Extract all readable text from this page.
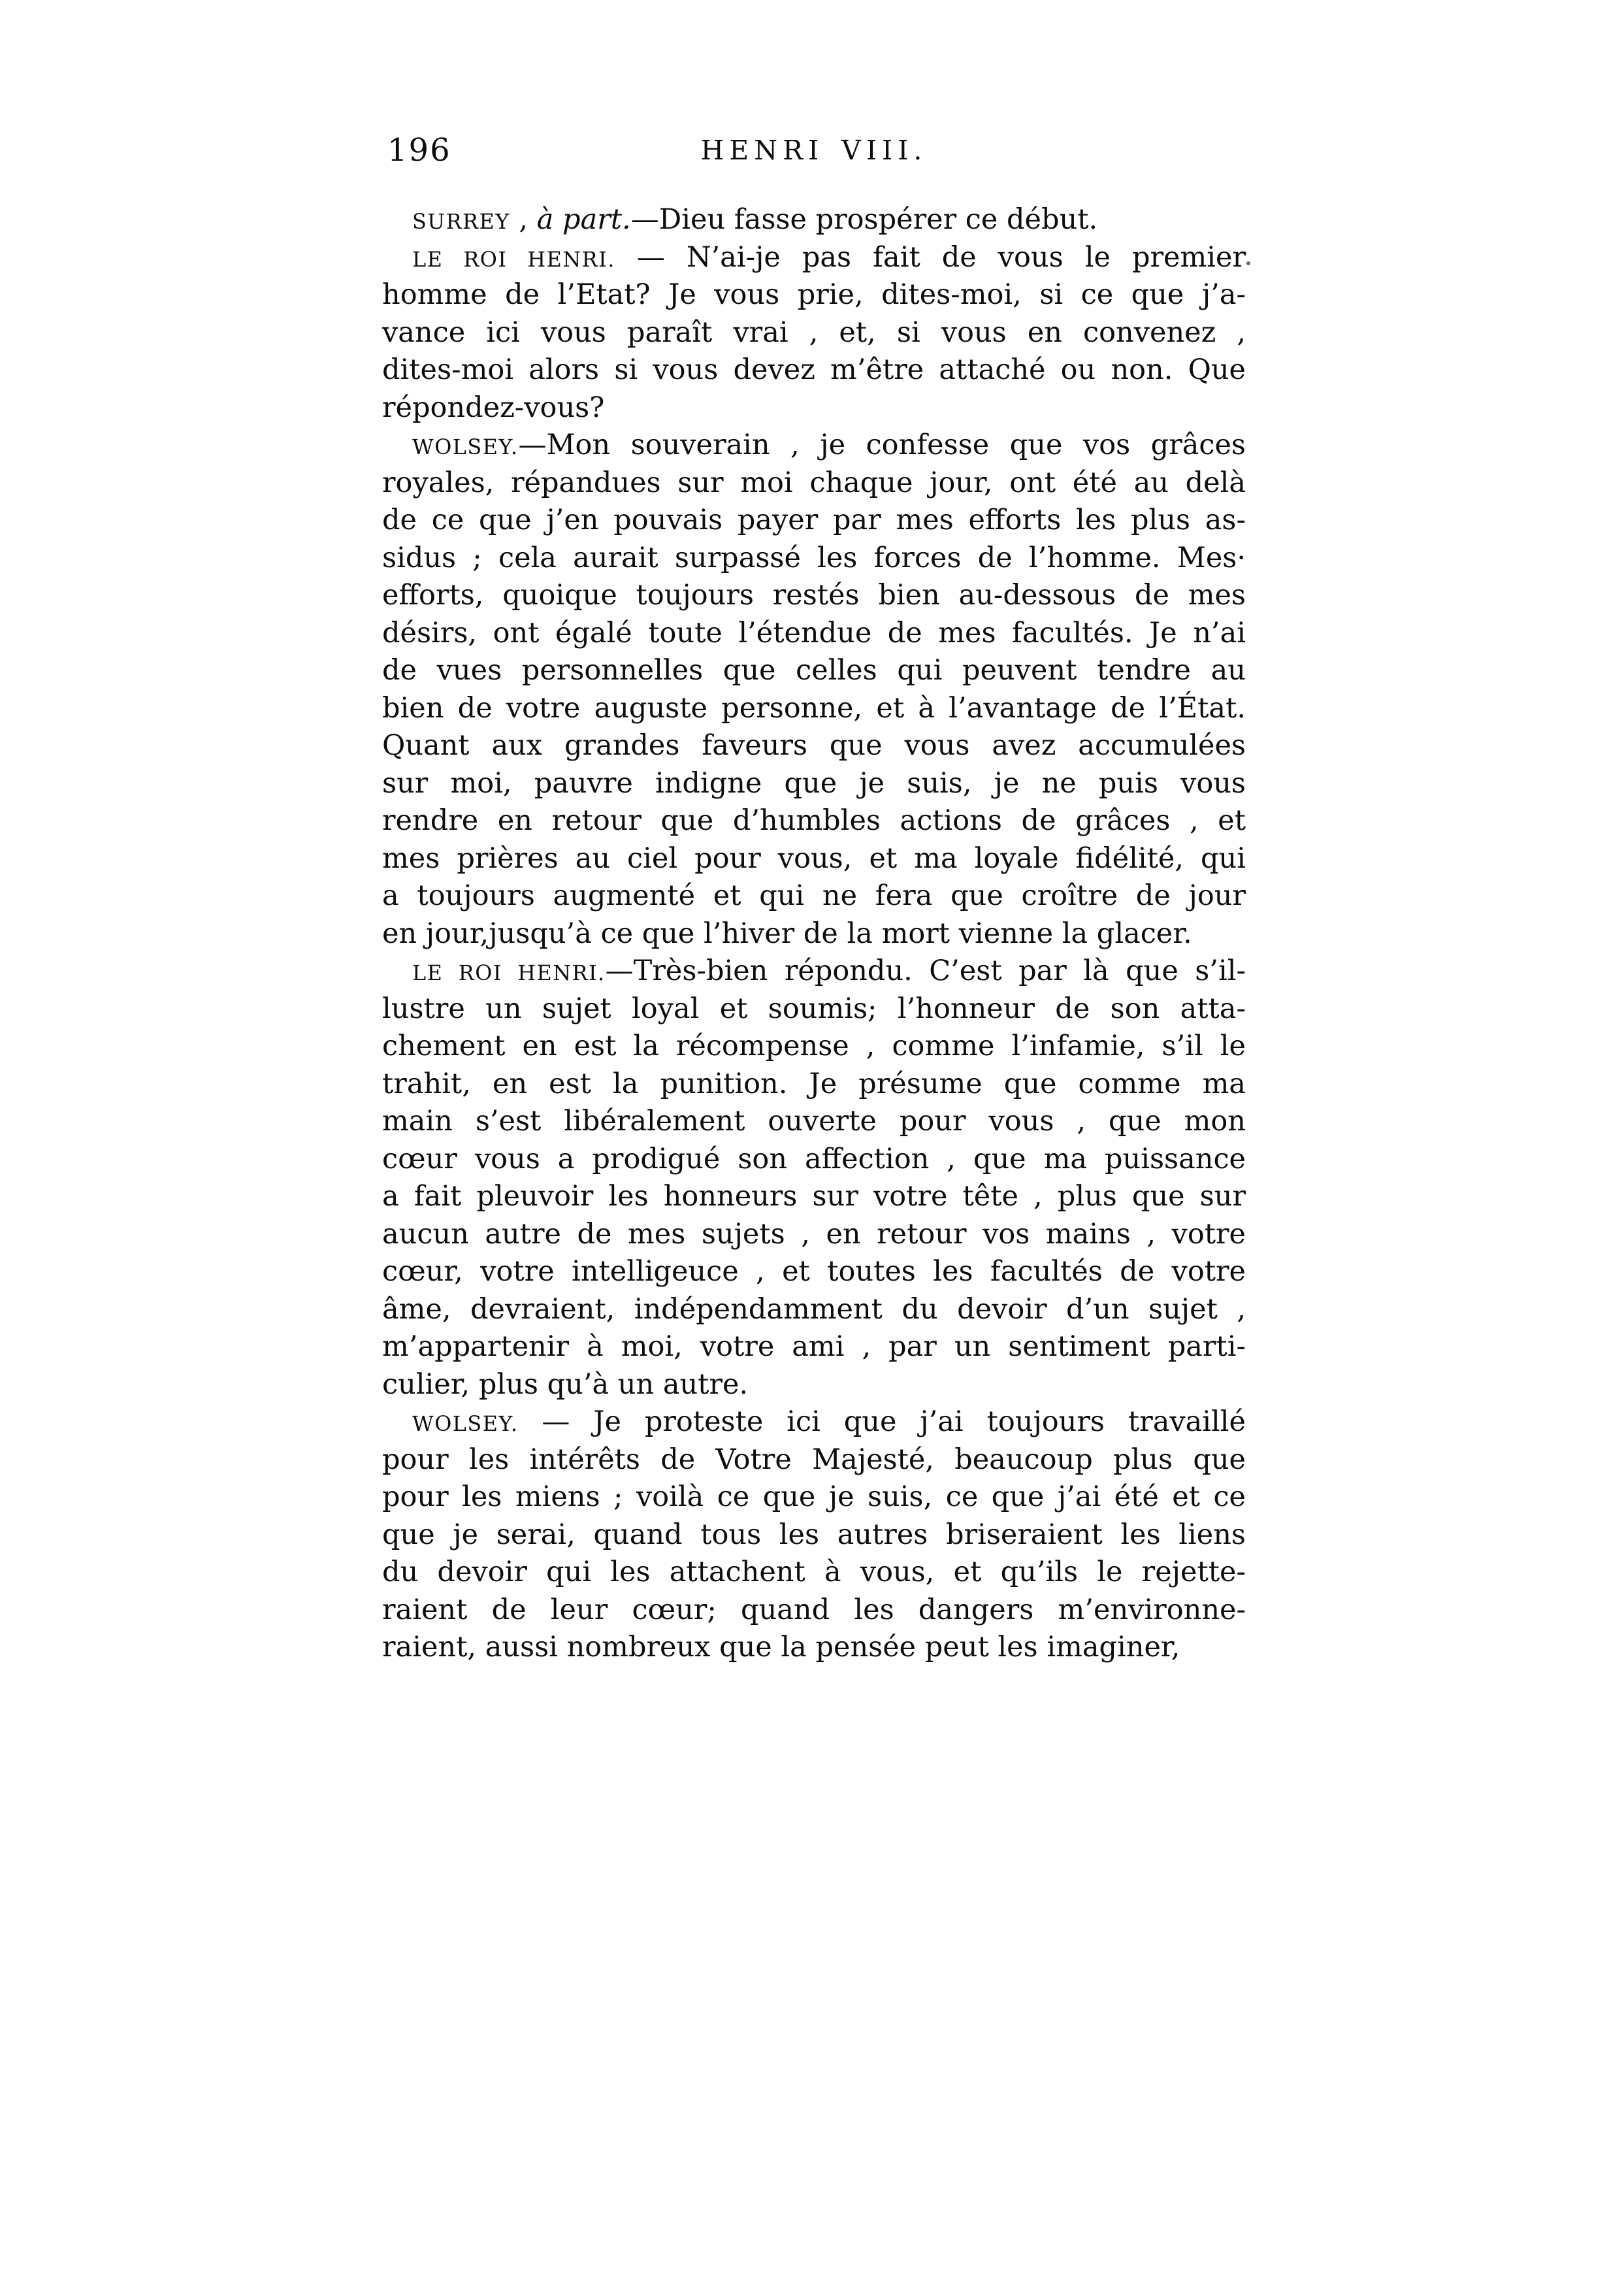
196	HENRI VIII.
SURREY , à part.—Dieu fasse prospérer ce début.
LE ROI HENRI. — N’ai-je pas fait de vous le premier
homme de l’Etat? Je vous prie, dites-moi, si ce que j’a-
vance ici vous paraît vrai , et, si vous en convenez ,
dites-moi alors si vous devez m’être attaché ou non. Que
répondez-vous?
WOLSEY.—Mon souverain , je confesse que vos grâces
royales, répandues sur moi chaque jour, ont été au delà
de ce que j’en pouvais payer par mes efforts les plus as-
sidus ; cela aurait surpassé les forces de l’homme. Mes·
efforts, quoique toujours restés bien au-dessous de mes
désirs, ont égalé toute l’étendue de mes facultés. Je n’ai
de vues personnelles que celles qui peuvent tendre au
bien de votre auguste personne, et à l’avantage de l’État.
Quant aux grandes faveurs que vous avez accumulées
sur moi, pauvre indigne que je suis, je ne puis vous
rendre en retour que d’humbles actions de grâces , et
mes prières au ciel pour vous, et ma loyale fidélité, qui
a toujours augmenté et qui ne fera que croître de jour
en jour,jusqu’à ce que l’hiver de la mort vienne la glacer.
LE ROI HENRI.—Très-bien répondu. C’est par là que s’il-
lustre un sujet loyal et soumis; l’honneur de son atta-
chement en est la récompense , comme l’infamie, s’il le
trahit, en est la punition. Je présume que comme ma
main s’est libéralement ouverte pour vous , que mon
cœur vous a prodigué son affection , que ma puissance
a fait pleuvoir les honneurs sur votre tête , plus que sur
aucun autre de mes sujets , en retour vos mains , votre
cœur, votre intelligeuce , et toutes les facultés de votre
âme, devraient, indépendamment du devoir d’un sujet ,
m’appartenir à moi, votre ami , par un sentiment parti-
culier, plus qu’à un autre.
WOLSEY. — Je proteste ici que j’ai toujours travaillé
pour les intérêts de Votre Majesté, beaucoup plus que
pour les miens ; voilà ce que je suis, ce que j’ai été et ce
que je serai, quand tous les autres briseraient les liens
du devoir qui les attachent à vous, et qu’ils le rejette-
raient de leur cœur; quand les dangers m’environne-
raient, aussi nombreux que la pensée peut les imaginer,
